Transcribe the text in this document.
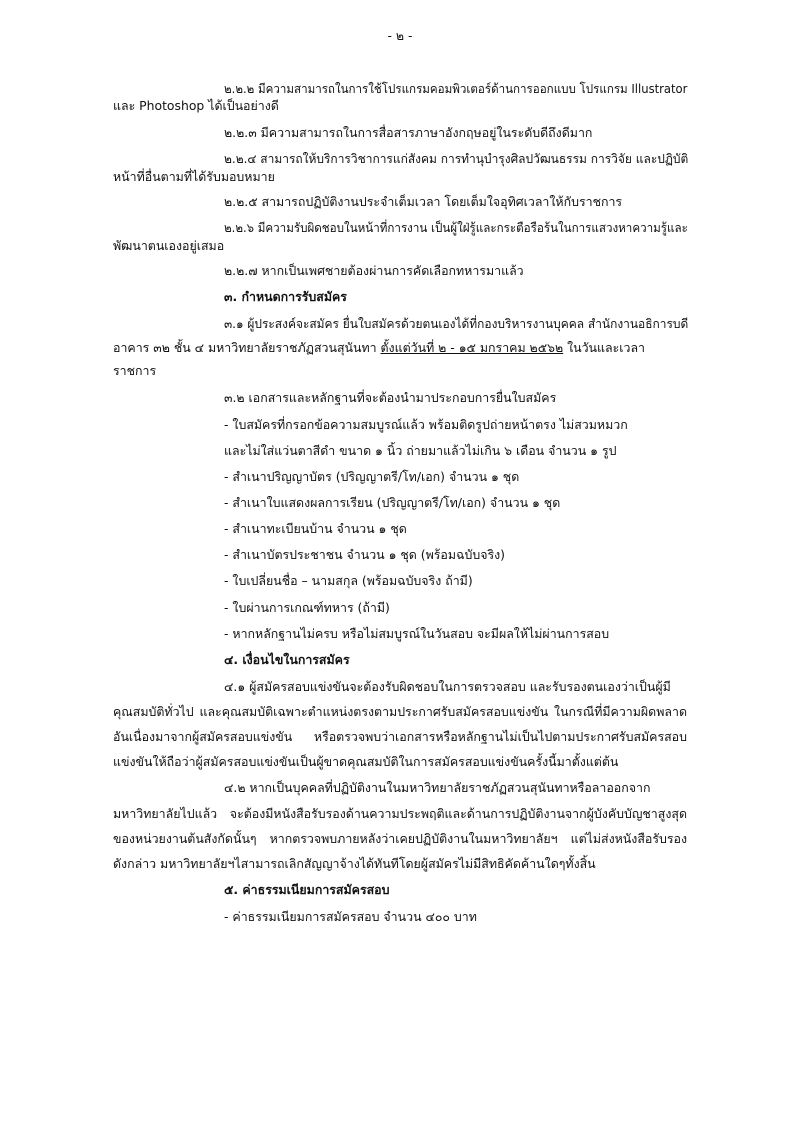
- ๒ -
๒.๒.๒ มีความสามารถในการใช้โปรแกรมคอมพิวเตอร์ด้านการออกแบบ โปรแกรม Illustrator
และ Photoshop ได้เป็นอย่างดี
๒.๒.๓ มีความสามารถในการสื่อสารภาษาอังกฤษอยู่ในระดับดีถึงดีมาก
๒.๒.๔ สามารถให้บริการวิชาการแก่สังคม การทำนุบำรุงศิลปวัฒนธรรม การวิจัย และปฏิบัติ
หน้าที่อื่นตามที่ได้รับมอบหมาย
๒.๒.๕ สามารถปฏิบัติงานประจำเต็มเวลา โดยเต็มใจอุทิศเวลาให้กับราชการ
๒.๒.๖ มีความรับผิดชอบในหน้าที่การงาน เป็นผู้ใฝ่รู้และกระตือรือร้นในการแสวงหาความรู้และ
พัฒนาตนเองอยู่เสมอ
๒.๒.๗ หากเป็นเพศชายต้องผ่านการคัดเลือกทหารมาแล้ว
๓. กำหนดการรับสมัคร
๓.๑ ผู้ประสงค์จะสมัคร ยื่นใบสมัครด้วยตนเองได้ที่กองบริหารงานบุคคล สำนักงานอธิการบดี
อาคาร ๓๒ ชั้น ๔ มหาวิทยาลัยราชภัฏสวนสุนันทา ตั้งแต่วันที่ ๒ - ๑๕ มกราคม ๒๕๖๒ ในวันและเวลา
ราชการ
๓.๒ เอกสารและหลักฐานที่จะต้องนำมาประกอบการยื่นใบสมัคร
- ใบสมัครที่กรอกข้อความสมบูรณ์แล้ว พร้อมติดรูปถ่ายหน้าตรง ไม่สวมหมวก
และไม่ใส่แว่นตาสีดำ ขนาด ๑ นิ้ว ถ่ายมาแล้วไม่เกิน ๖ เดือน จำนวน ๑ รูป
- สำเนาปริญญาบัตร (ปริญญาตรี/โท/เอก) จำนวน ๑ ชุด
- สำเนาใบแสดงผลการเรียน (ปริญญาตรี/โท/เอก) จำนวน ๑ ชุด
- สำเนาทะเบียนบ้าน จำนวน ๑ ชุด
- สำเนาบัตรประชาชน จำนวน ๑ ชุด (พร้อมฉบับจริง)
- ใบเปลี่ยนชื่อ – นามสกุล (พร้อมฉบับจริง ถ้ามี)
- ใบผ่านการเกณฑ์ทหาร (ถ้ามี)
- หากหลักฐานไม่ครบ หรือไม่สมบูรณ์ในวันสอบ จะมีผลให้ไม่ผ่านการสอบ
๔. เงื่อนไขในการสมัคร
๔.๑ ผู้สมัครสอบแข่งขันจะต้องรับผิดชอบในการตรวจสอบ และรับรองตนเองว่าเป็นผู้มี
คุณสมบัติทั่วไป และคุณสมบัติเฉพาะตำแหน่งตรงตามประกาศรับสมัครสอบแข่งขัน ในกรณีที่มีความผิดพลาด
อันเนื่องมาจากผู้สมัครสอบแข่งขัน หรือตรวจพบว่าเอกสารหรือหลักฐานไม่เป็นไปตามประกาศรับสมัครสอบ
แข่งขันให้ถือว่าผู้สมัครสอบแข่งขันเป็นผู้ขาดคุณสมบัติในการสมัครสอบแข่งขันครั้งนี้มาตั้งแต่ต้น
๔.๒ หากเป็นบุคคลที่ปฏิบัติงานในมหาวิทยาลัยราชภัฏสวนสุนันทาหรือลาออกจาก
มหาวิทยาลัยไปแล้ว จะต้องมีหนังสือรับรองด้านความประพฤติและด้านการปฏิบัติงานจากผู้บังคับบัญชาสูงสุด
ของหน่วยงานต้นสังกัดนั้นๆ หากตรวจพบภายหลังว่าเคยปฏิบัติงานในมหาวิทยาลัยฯ แต่ไม่ส่งหนังสือรับรอง
ดังกล่าว มหาวิทยาลัยฯไสามารถเลิกสัญญาจ้างได้ทันทีโดยผู้สมัครไม่มีสิทธิคัดค้านใดๆทั้งสิ้น
๕. ค่าธรรมเนียมการสมัครสอบ
- ค่าธรรมเนียมการสมัครสอบ จำนวน ๔๐๐ บาท
